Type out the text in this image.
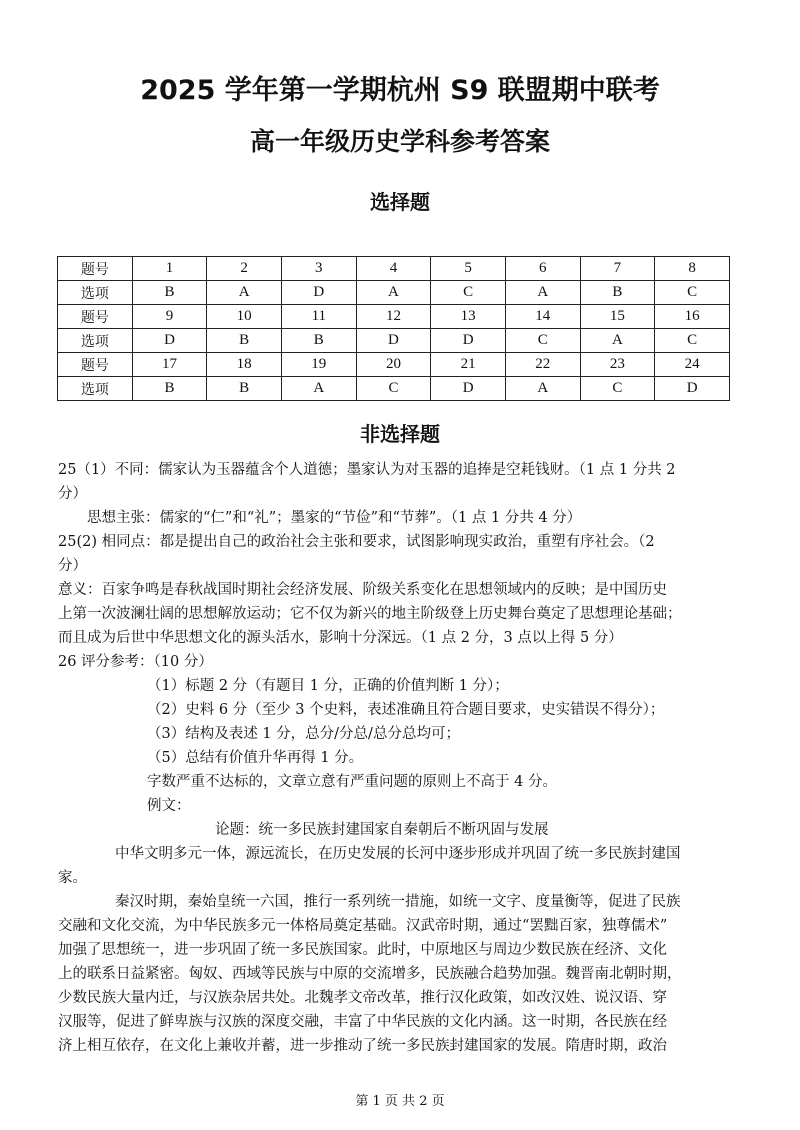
2025 学年第一学期杭州 S9 联盟期中联考
高一年级历史学科参考答案
选择题
题号	1	2	3	4	5	6	7	8
选项	B	A	D	A	C	A	B	C
题号	9	10	11	12	13	14	15	16
选项	D	B	B	D	D	C	A	C
题号	17	18	19	20	21	22	23	24
选项	B	B	A	C	D	A	C	D
非选择题
25（1）不同：儒家认为玉器蕴含个人道德；墨家认为对玉器的追捧是空耗钱财。（1 点 1 分共 2
分）
思想主张：儒家的“仁”和“礼”；墨家的“节俭”和“节葬”。（1 点 1 分共 4 分）
25(2) 相同点：都是提出自己的政治社会主张和要求，试图影响现实政治，重塑有序社会。（2
分）
意义：百家争鸣是春秋战国时期社会经济发展、阶级关系变化在思想领域内的反映；是中国历史
上第一次波澜壮阔的思想解放运动；它不仅为新兴的地主阶级登上历史舞台奠定了思想理论基础；
而且成为后世中华思想文化的源头活水，影响十分深远。（1 点 2 分，3 点以上得 5 分）
26 评分参考：（10 分）
（1）标题 2 分（有题目 1 分，正确的价值判断 1 分）；
（2）史料 6 分（至少 3 个史料，表述准确且符合题目要求，史实错误不得分）；
（3）结构及表述 1 分，总分/分总/总分总均可；
（5）总结有价值升华再得 1 分。
字数严重不达标的，文章立意有严重问题的原则上不高于 4 分。
例文：
论题：统一多民族封建国家自秦朝后不断巩固与发展
中华文明多元一体，源远流长，在历史发展的长河中逐步形成并巩固了统一多民族封建国
家。
秦汉时期，秦始皇统一六国，推行一系列统一措施，如统一文字、度量衡等，促进了民族
交融和文化交流，为中华民族多元一体格局奠定基础。汉武帝时期，通过“罢黜百家，独尊儒术”
加强了思想统一，进一步巩固了统一多民族国家。此时，中原地区与周边少数民族在经济、文化
上的联系日益紧密。匈奴、西域等民族与中原的交流增多，民族融合趋势加强。魏晋南北朝时期，
少数民族大量内迁，与汉族杂居共处。北魏孝文帝改革，推行汉化政策，如改汉姓、说汉语、穿
汉服等，促进了鲜卑族与汉族的深度交融，丰富了中华民族的文化内涵。这一时期，各民族在经
济上相互依存，在文化上兼收并蓄，进一步推动了统一多民族封建国家的发展。隋唐时期，政治
第 1 页 共 2 页
